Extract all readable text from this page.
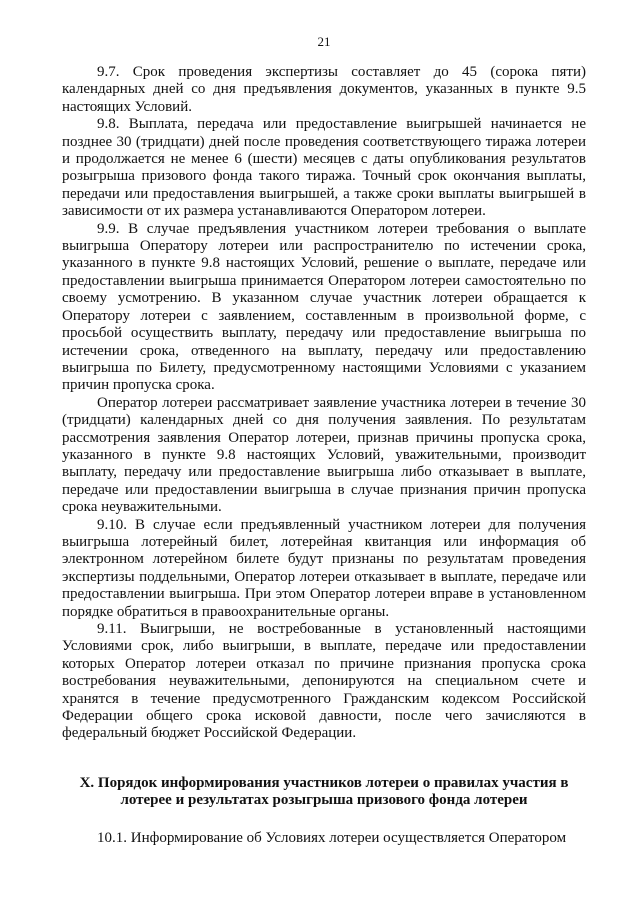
21

9.7. Срок проведения экспертизы составляет до 45 (сорока пяти) календарных дней со дня предъявления документов, указанных в пункте 9.5 настоящих Условий.

9.8. Выплата, передача или предоставление выигрышей начинается не позднее 30 (тридцати) дней после проведения соответствующего тиража лотереи и продолжается не менее 6 (шести) месяцев с даты опубликования результатов розыгрыша призового фонда такого тиража. Точный срок окончания выплаты, передачи или предоставления выигрышей, а также сроки выплаты выигрышей в зависимости от их размера устанавливаются Оператором лотереи.

9.9. В случае предъявления участником лотереи требования о выплате выигрыша Оператору лотереи или распространителю по истечении срока, указанного в пункте 9.8 настоящих Условий, решение о выплате, передаче или предоставлении выигрыша принимается Оператором лотереи самостоятельно по своему усмотрению. В указанном случае участник лотереи обращается к Оператору лотереи с заявлением, составленным в произвольной форме, с просьбой осуществить выплату, передачу или предоставление выигрыша по истечении срока, отведенного на выплату, передачу или предоставлению выигрыша по Билету, предусмотренному настоящими Условиями с указанием причин пропуска срока.

Оператор лотереи рассматривает заявление участника лотереи в течение 30 (тридцати) календарных дней со дня получения заявления. По результатам рассмотрения заявления Оператор лотереи, признав причины пропуска срока, указанного в пункте 9.8 настоящих Условий, уважительными, производит выплату, передачу или предоставление выигрыша либо отказывает в выплате, передаче или предоставлении выигрыша в случае признания причин пропуска срока неуважительными.

9.10. В случае если предъявленный участником лотереи для получения выигрыша лотерейный билет, лотерейная квитанция или информация об электронном лотерейном билете будут признаны по результатам проведения экспертизы поддельными, Оператор лотереи отказывает в выплате, передаче или предоставлении выигрыша. При этом Оператор лотереи вправе в установленном порядке обратиться в правоохранительные органы.

9.11. Выигрыши, не востребованные в установленный настоящими Условиями срок, либо выигрыши, в выплате, передаче или предоставлении которых Оператор лотереи отказал по причине признания пропуска срока востребования неуважительными, депонируются на специальном счете и хранятся в течение предусмотренного Гражданским кодексом Российской Федерации общего срока исковой давности, после чего зачисляются в федеральный бюджет Российской Федерации.

X. Порядок информирования участников лотереи о правилах участия в лотерее и результатах розыгрыша призового фонда лотереи

10.1. Информирование об Условиях лотереи осуществляется Оператором
